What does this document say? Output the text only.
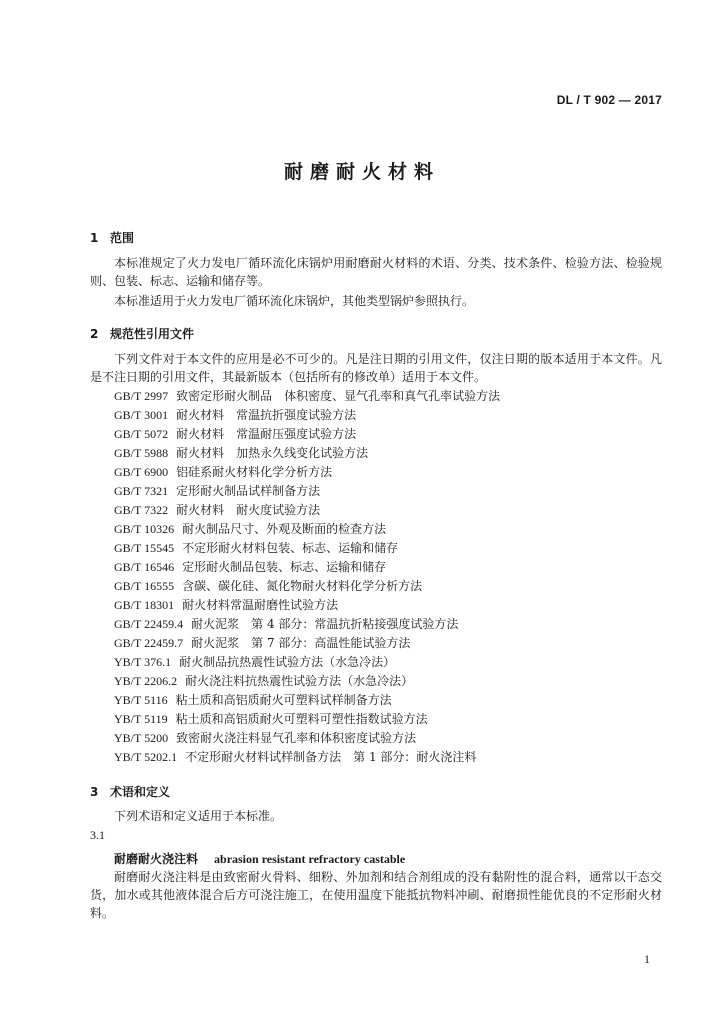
DL / T 902 — 2017
耐磨耐火材料
1 范围
本标准规定了火力发电厂循环流化床锅炉用耐磨耐火材料的术语、分类、技术条件、检验方法、检验规则、包装、标志、运输和储存等。
本标准适用于火力发电厂循环流化床锅炉，其他类型锅炉参照执行。
2 规范性引用文件
下列文件对于本文件的应用是必不可少的。凡是注日期的引用文件，仅注日期的版本适用于本文件。凡是不注日期的引用文件，其最新版本（包括所有的修改单）适用于本文件。
GB/T 2997 致密定形耐火制品　体积密度、显气孔率和真气孔率试验方法
GB/T 3001 耐火材料　常温抗折强度试验方法
GB/T 5072 耐火材料　常温耐压强度试验方法
GB/T 5988 耐火材料　加热永久线变化试验方法
GB/T 6900 铝硅系耐火材料化学分析方法
GB/T 7321 定形耐火制品试样制备方法
GB/T 7322 耐火材料　耐火度试验方法
GB/T 10326 耐火制品尺寸、外观及断面的检查方法
GB/T 15545 不定形耐火材料包装、标志、运输和储存
GB/T 16546 定形耐火制品包装、标志、运输和储存
GB/T 16555 含碳、碳化硅、氮化物耐火材料化学分析方法
GB/T 18301 耐火材料常温耐磨性试验方法
GB/T 22459.4 耐火泥浆　第 4 部分：常温抗折粘接强度试验方法
GB/T 22459.7 耐火泥浆　第 7 部分：高温性能试验方法
YB/T 376.1 耐火制品抗热震性试验方法（水急冷法）
YB/T 2206.2 耐火浇注料抗热震性试验方法（水急冷法）
YB/T 5116 粘土质和高铝质耐火可塑料试样制备方法
YB/T 5119 粘土质和高铝质耐火可塑料可塑性指数试验方法
YB/T 5200 致密耐火浇注料显气孔率和体积密度试验方法
YB/T 5202.1 不定形耐火材料试样制备方法　第 1 部分：耐火浇注料
3 术语和定义
下列术语和定义适用于本标准。
3.1
耐磨耐火浇注料 abrasion resistant refractory castable
耐磨耐火浇注料是由致密耐火骨料、细粉、外加剂和结合剂组成的没有黏附性的混合料，通常以干态交货，加水或其他液体混合后方可浇注施工，在使用温度下能抵抗物料冲刷、耐磨损性能优良的不定形耐火材料。
1
